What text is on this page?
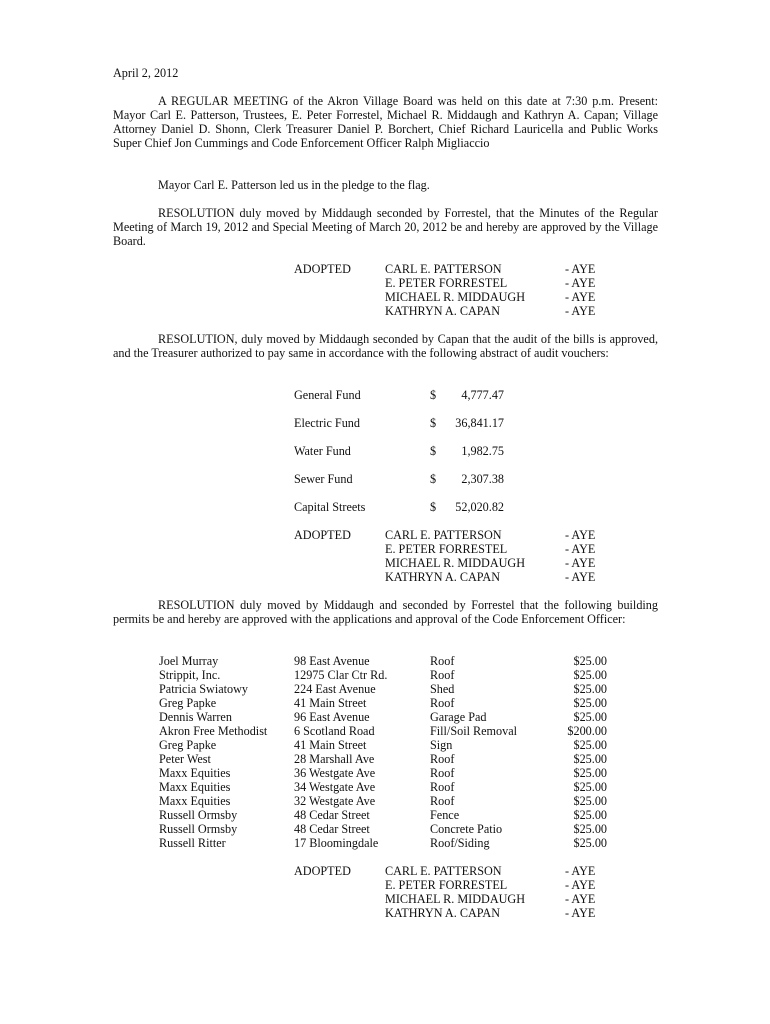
April 2, 2012

A REGULAR MEETING of the Akron Village Board was held on this date at 7:30 p.m. Present: Mayor Carl E. Patterson, Trustees, E. Peter Forrestel, Michael R. Middaugh and Kathryn A. Capan; Village Attorney Daniel D. Shonn, Clerk Treasurer Daniel P. Borchert, Chief Richard Lauricella and Public Works Super Chief Jon Cummings and Code Enforcement Officer Ralph Migliaccio

Mayor Carl E. Patterson led us in the pledge to the flag.

RESOLUTION duly moved by Middaugh seconded by Forrestel, that the Minutes of the Regular Meeting of March 19, 2012 and Special Meeting of March 20, 2012 be and hereby are approved by the Village Board.

ADOPTED	CARL E. PATTERSON	- AYE
E. PETER FORRESTEL	- AYE
MICHAEL R. MIDDAUGH	- AYE
KATHRYN A. CAPAN	- AYE

RESOLUTION, duly moved by Middaugh seconded by Capan that the audit of the bills is approved, and the Treasurer authorized to pay same in accordance with the following abstract of audit vouchers:

General Fund	$	4,777.47
Electric Fund	$	36,841.17
Water Fund	$	1,982.75
Sewer Fund	$	2,307.38
Capital Streets	$	52,020.82
ADOPTED	CARL E. PATTERSON	- AYE
E. PETER FORRESTEL	- AYE
MICHAEL R. MIDDAUGH	- AYE
KATHRYN A. CAPAN	- AYE

RESOLUTION duly moved by Middaugh and seconded by Forrestel that the following building permits be and hereby are approved with the applications and approval of the Code Enforcement Officer:

Joel Murray	98 East Avenue	Roof	$25.00
Strippit, Inc.	12975 Clar Ctr Rd.	Roof	$25.00
Patricia Swiatowy	224 East Avenue	Shed	$25.00
Greg Papke	41 Main Street	Roof	$25.00
Dennis Warren	96 East Avenue	Garage Pad	$25.00
Akron Free Methodist 6 Scotland Road	Fill/Soil Removal	$200.00
Greg Papke	41 Main Street	Sign	$25.00
Peter West	28 Marshall Ave	Roof	$25.00
Maxx Equities	36 Westgate Ave	Roof	$25.00
Maxx Equities	34 Westgate Ave	Roof	$25.00
Maxx Equities	32 Westgate Ave	Roof	$25.00
Russell Ormsby	48 Cedar Street	Fence	$25.00
Russell Ormsby	48 Cedar Street	Concrete Patio	$25.00
Russell Ritter	17 Bloomingdale	Roof/Siding	$25.00
ADOPTED	CARL E. PATTERSON	- AYE
E. PETER FORRESTEL	- AYE
MICHAEL R. MIDDAUGH	- AYE
KATHRYN A. CAPAN	- AYE
